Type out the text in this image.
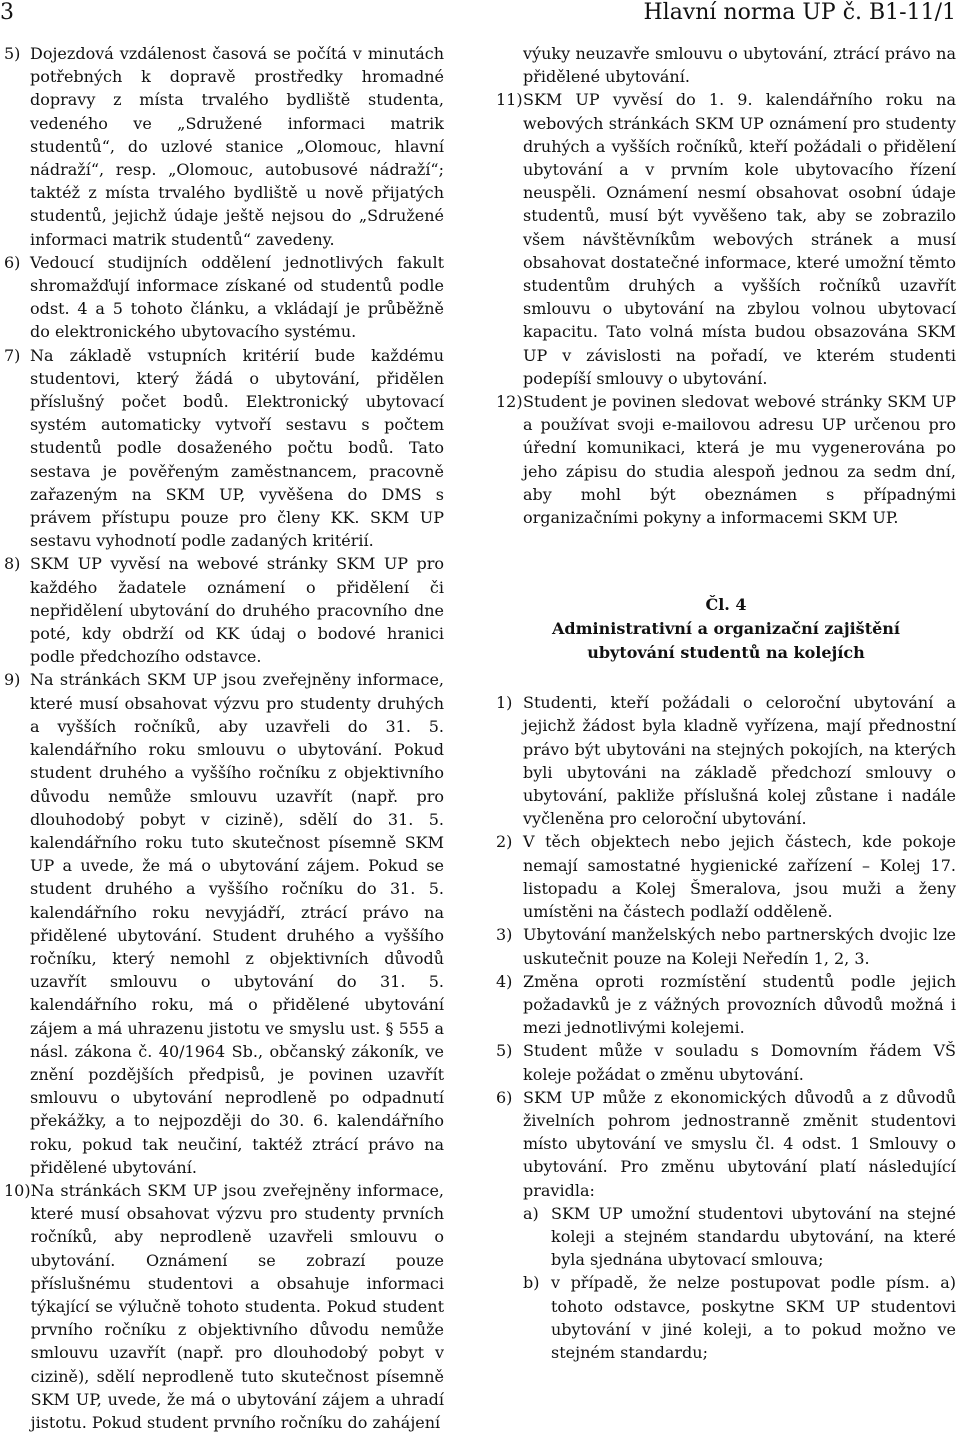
3	Hlavní norma UP č. B1-11/1
5) Dojezdová vzdálenost časová se počítá v minutách potřebných k dopravě prostředky hromadné dopravy z místa trvalého bydliště studenta, vedeného ve „Sdružené informaci matrik studentů“, do uzlové stanice „Olomouc, hlavní nádraží“, resp. „Olomouc, autobusové nádraží“; taktéž z místa trvalého bydliště u nově přijatých studentů, jejichž údaje ještě nejsou do „Sdružené informaci matrik studentů“ zavedeny.
6) Vedoucí studijních oddělení jednotlivých fakult shromažďují informace získané od studentů podle odst. 4 a 5 tohoto článku, a vkládají je průběžně do elektronického ubytovacího systému.
7) Na základě vstupních kritérií bude každému studentovi, který žádá o ubytování, přidělen příslušný počet bodů. Elektronický ubytovací systém automaticky vytvoří sestavu s počtem studentů podle dosaženého počtu bodů. Tato sestava je pověřeným zaměstnancem, pracovně zařazeným na SKM UP, vyvěšena do DMS s právem přístupu pouze pro členy KK. SKM UP sestavu vyhodnotí podle zadaných kritérií.
8) SKM UP vyvěsí na webové stránky SKM UP pro každého žadatele oznámení o přidělení či nepřidělení ubytování do druhého pracovního dne poté, kdy obdrží od KK údaj o bodové hranici podle předchozího odstavce.
9) Na stránkách SKM UP jsou zveřejněny informace, které musí obsahovat výzvu pro studenty druhých a vyšších ročníků, aby uzavřeli do 31. 5. kalendářního roku smlouvu o ubytování. Pokud student druhého a vyššího ročníku z objektivního důvodu nemůže smlouvu uzavřít (např. pro dlouhodobý pobyt v cizině), sdělí do 31. 5. kalendářního roku tuto skutečnost písemně SKM UP a uvede, že má o ubytování zájem. Pokud se student druhého a vyššího ročníku do 31. 5. kalendářního roku nevyjádří, ztrácí právo na přidělené ubytování. Student druhého a vyššího ročníku, který nemohl z objektivních důvodů uzavřít smlouvu o ubytování do 31. 5. kalendářního roku, má o přidělené ubytování zájem a má uhrazenu jistotu ve smyslu ust. § 555 a násl. zákona č. 40/1964 Sb., občanský zákoník, ve znění pozdějších předpisů, je povinen uzavřít smlouvu o ubytování neprodleně po odpadnutí překážky, a to nejpozději do 30. 6. kalendářního roku, pokud tak neučiní, taktéž ztrácí právo na přidělené ubytování.
10) Na stránkách SKM UP jsou zveřejněny informace, které musí obsahovat výzvu pro studenty prvních ročníků, aby neprodleně uzavřeli smlouvu o ubytování. Oznámení se zobrazí pouze příslušnému studentovi a obsahuje informaci týkající se výlučně tohoto studenta. Pokud student prvního ročníku z objektivního důvodu nemůže smlouvu uzavřít (např. pro dlouhodobý pobyt v cizině), sdělí neprodleně tuto skutečnost písemně SKM UP, uvede, že má o ubytování zájem a uhradí jistotu. Pokud student prvního ročníku do zahájení
výuky neuzavře smlouvu o ubytování, ztrácí právo na přidělené ubytování.
11) SKM UP vyvěsí do 1. 9. kalendářního roku na webových stránkách SKM UP oznámení pro studenty druhých a vyšších ročníků, kteří požádali o přidělení ubytování a v prvním kole ubytovacího řízení neuspěli. Oznámení nesmí obsahovat osobní údaje studentů, musí být vyvěšeno tak, aby se zobrazilo všem návštěvníkům webových stránek a musí obsahovat dostatečné informace, které umožní těmto studentům druhých a vyšších ročníků uzavřít smlouvu o ubytování na zbylou volnou ubytovací kapacitu. Tato volná místa budou obsazována SKM UP v závislosti na pořadí, ve kterém studenti podepíší smlouvy o ubytování.
12) Student je povinen sledovat webové stránky SKM UP a používat svoji e-mailovou adresu UP určenou pro úřední komunikaci, která je mu vygenerována po jeho zápisu do studia alespoň jednou za sedm dní, aby mohl být obeznámen s případnými organizačními pokyny a informacemi SKM UP.
Čl. 4
Administrativní a organizační zajištění
ubytování studentů na kolejích
1) Studenti, kteří požádali o celoroční ubytování a jejichž žádost byla kladně vyřízena, mají přednostní právo být ubytováni na stejných pokojích, na kterých byli ubytováni na základě předchozí smlouvy o ubytování, pakliže příslušná kolej zůstane i nadále vyčleněna pro celoroční ubytování.
2) V těch objektech nebo jejich částech, kde pokoje nemají samostatné hygienické zařízení – Kolej 17. listopadu a Kolej Šmeralova, jsou muži a ženy umístěni na částech podlaží odděleně.
3) Ubytování manželských nebo partnerských dvojic lze uskutečnit pouze na Koleji Neředín 1, 2, 3.
4) Změna oproti rozmístění studentů podle jejich požadavků je z vážných provozních důvodů možná i mezi jednotlivými kolejemi.
5) Student může v souladu s Domovním řádem VŠ koleje požádat o změnu ubytování.
6) SKM UP může z ekonomických důvodů a z důvodů živelních pohrom jednostranně změnit studentovi místo ubytování ve smyslu čl. 4 odst. 1 Smlouvy o ubytování. Pro změnu ubytování platí následující pravidla:
a) SKM UP umožní studentovi ubytování na stejné koleji a stejném standardu ubytování, na které byla sjednána ubytovací smlouva;
b) v případě, že nelze postupovat podle písm. a) tohoto odstavce, poskytne SKM UP studentovi ubytování v jiné koleji, a to pokud možno ve stejném standardu;
